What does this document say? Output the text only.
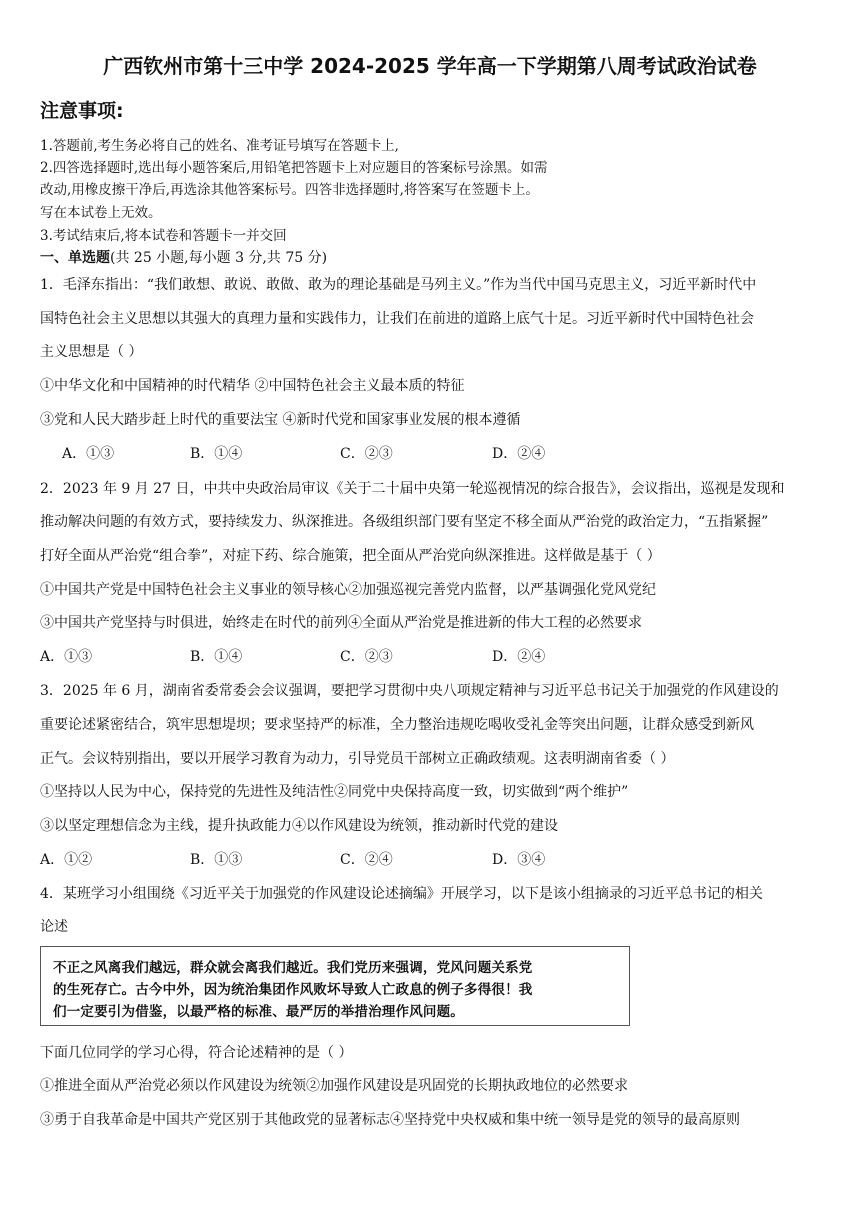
广西钦州市第十三中学 2024-2025 学年高一下学期第八周考试政治试卷
注意事项:
1.答题前,考生务必将自己的姓名、准考证号填写在答题卡上,
2.四答选择题时,选出每小题答案后,用铅笔把答题卡上对应题目的答案标号涂黑。如需
改动,用橡皮擦干净后,再选涂其他答案标号。四答非选择题时,将答案写在签题卡上。
写在本试卷上无效。
3.考试结束后,将本试卷和答题卡一并交回
一、单选题(共 25 小题,每小题 3 分,共 75 分)
1．毛泽东指出：“我们敢想、敢说、敢做、敢为的理论基础是马列主义。”作为当代中国马克思主义，习近平新时代中
国特色社会主义思想以其强大的真理力量和实践伟力，让我们在前进的道路上底气十足。习近平新时代中国特色社会
主义思想是（ ）
①中华文化和中国精神的时代精华 ②中国特色社会主义最本质的特征
③党和人民大踏步赶上时代的重要法宝 ④新时代党和国家事业发展的根本遵循
A．①③	B．①④	C．②③	D．②④
2．2023 年 9 月 27 日，中共中央政治局审议《关于二十届中央第一轮巡视情况的综合报告》，会议指出，巡视是发现和
推动解决问题的有效方式，要持续发力、纵深推进。各级组织部门要有坚定不移全面从严治党的政治定力，“五指紧握”
打好全面从严治党“组合拳”，对症下药、综合施策，把全面从严治党向纵深推进。这样做是基于（ ）
①中国共产党是中国特色社会主义事业的领导核心②加强巡视完善党内监督，以严基调强化党风党纪
③中国共产党坚持与时俱进，始终走在时代的前列④全面从严治党是推进新的伟大工程的必然要求
A．①③	B．①④	C．②③	D．②④
3．2025 年 6 月，湖南省委常委会会议强调，要把学习贯彻中央八项规定精神与习近平总书记关于加强党的作风建设的
重要论述紧密结合，筑牢思想堤坝；要求坚持严的标准，全力整治违规吃喝收受礼金等突出问题，让群众感受到新风
正气。会议特别指出，要以开展学习教育为动力，引导党员干部树立正确政绩观。这表明湖南省委（ ）
①坚持以人民为中心，保持党的先进性及纯洁性②同党中央保持高度一致，切实做到“两个维护”
③以坚定理想信念为主线，提升执政能力④以作风建设为统领，推动新时代党的建设
A．①②	B．①③	C．②④	D．③④
4．某班学习小组围绕《习近平关于加强党的作风建设论述摘编》开展学习，以下是该小组摘录的习近平总书记的相关
论述
不正之风离我们越远，群众就会离我们越近。我们党历来强调，党风问题关系党
的生死存亡。古今中外，因为统治集团作风败坏导致人亡政息的例子多得很！我
们一定要引为借鉴，以最严格的标准、最严厉的举措治理作风问题。
下面几位同学的学习心得，符合论述精神的是（ ）
①推进全面从严治党必须以作风建设为统领②加强作风建设是巩固党的长期执政地位的必然要求
③勇于自我革命是中国共产党区别于其他政党的显著标志④坚持党中央权威和集中统一领导是党的领导的最高原则
